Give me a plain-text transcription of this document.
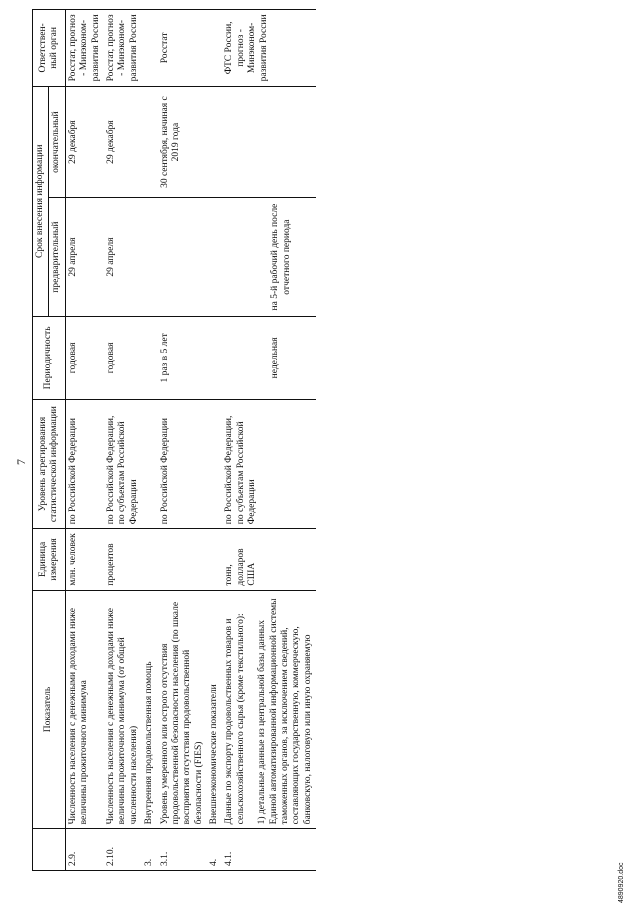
7
	Показатель	Единица измерения	Уровень агрегирования статистической информации	Периодичность	Срок внесения информации		Ответствен- ный орган
					предварительный	окончательный	
2.9.	Численность населения с денежными доходами ниже величины прожиточного минимума	млн. человек	по Российской Федерации	годовая	29 апреля	29 декабря	Росстат, прогноз - Минэконом- развития России
2.10.	Численность населения с денежными доходами ниже величины прожиточного минимума (от общей численности населения)	процентов	по Российской Федерации, по субъектам Российской Федерации	годовая	29 апреля	29 декабря	Росстат, прогноз - Минэконом- развития России
3.	Внутренняя продовольственная помощь						
3.1.	Уровень умеренного или острого отсутствия продовольственной безопасности населения (по шкале восприятия отсутствия продовольственной безопасности (FIES)		по Российской Федерации	1 раз в 5 лет		30 сентября, начиная с 2019 года	Росстат
4.	Внешнеэкономические показатели						
4.1.	Данные по экспорту продовольственных товаров и сельскохозяйственного сырья (кроме текстильного): 1) детальные данные из центральной базы данных Единой автоматизированной информационной системы таможенных органов, за исключением сведений, составляющих государственную, коммерческую, банковскую, налоговую или иную охраняемую	тонн, долларов США	по Российской Федерации, по субъектам Российской Федерации	недельная	на 5-й рабочий день после отчетного периода		ФТС России, прогноз - Минэконом- развития России
4890920.doc
